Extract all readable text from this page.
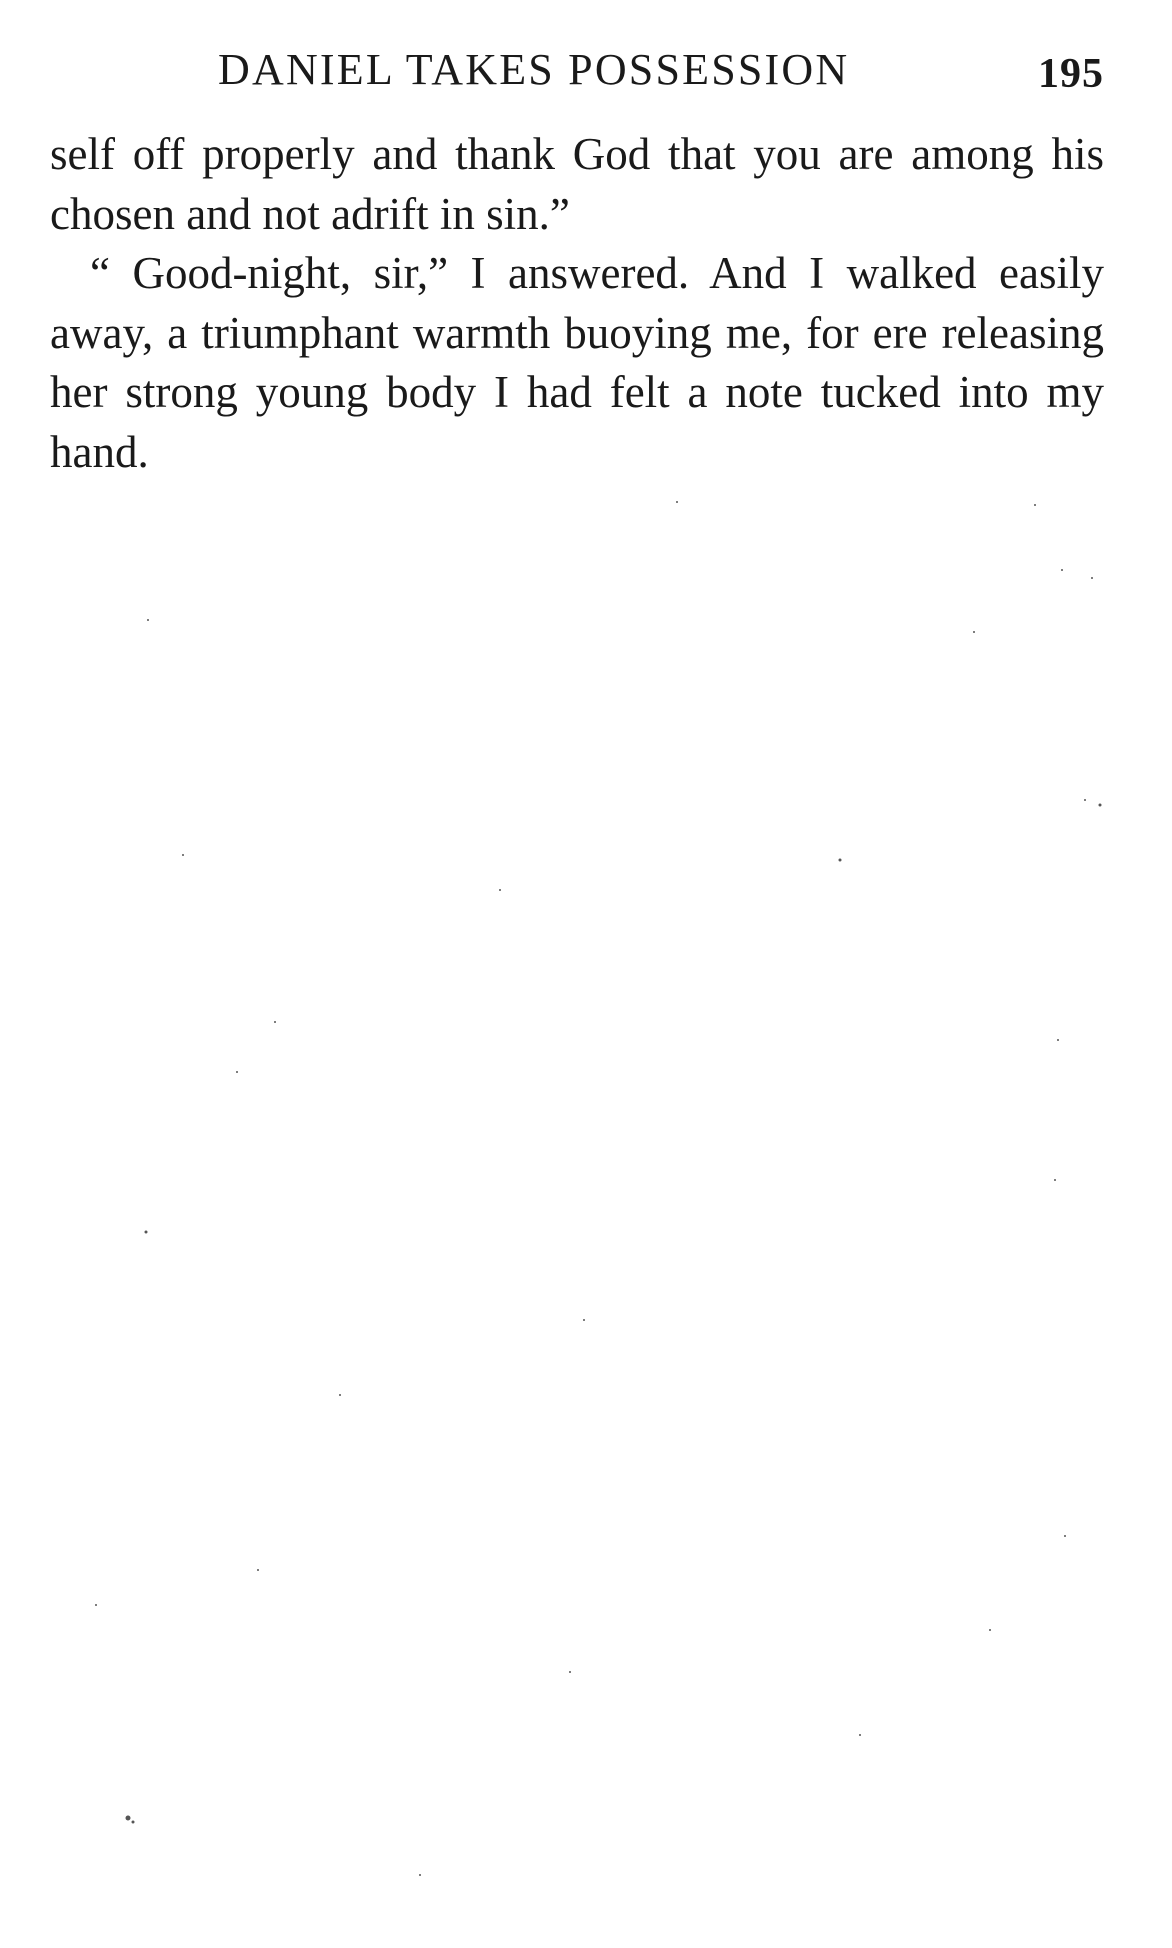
DANIEL TAKES POSSESSION	195

self off properly and thank God that you are among his chosen and not adrift in sin.”

“ Good-night, sir,” I answered. And I walked easily away, a triumphant warmth buoying me, for ere releasing her strong young body I had felt a note tucked into my hand.
